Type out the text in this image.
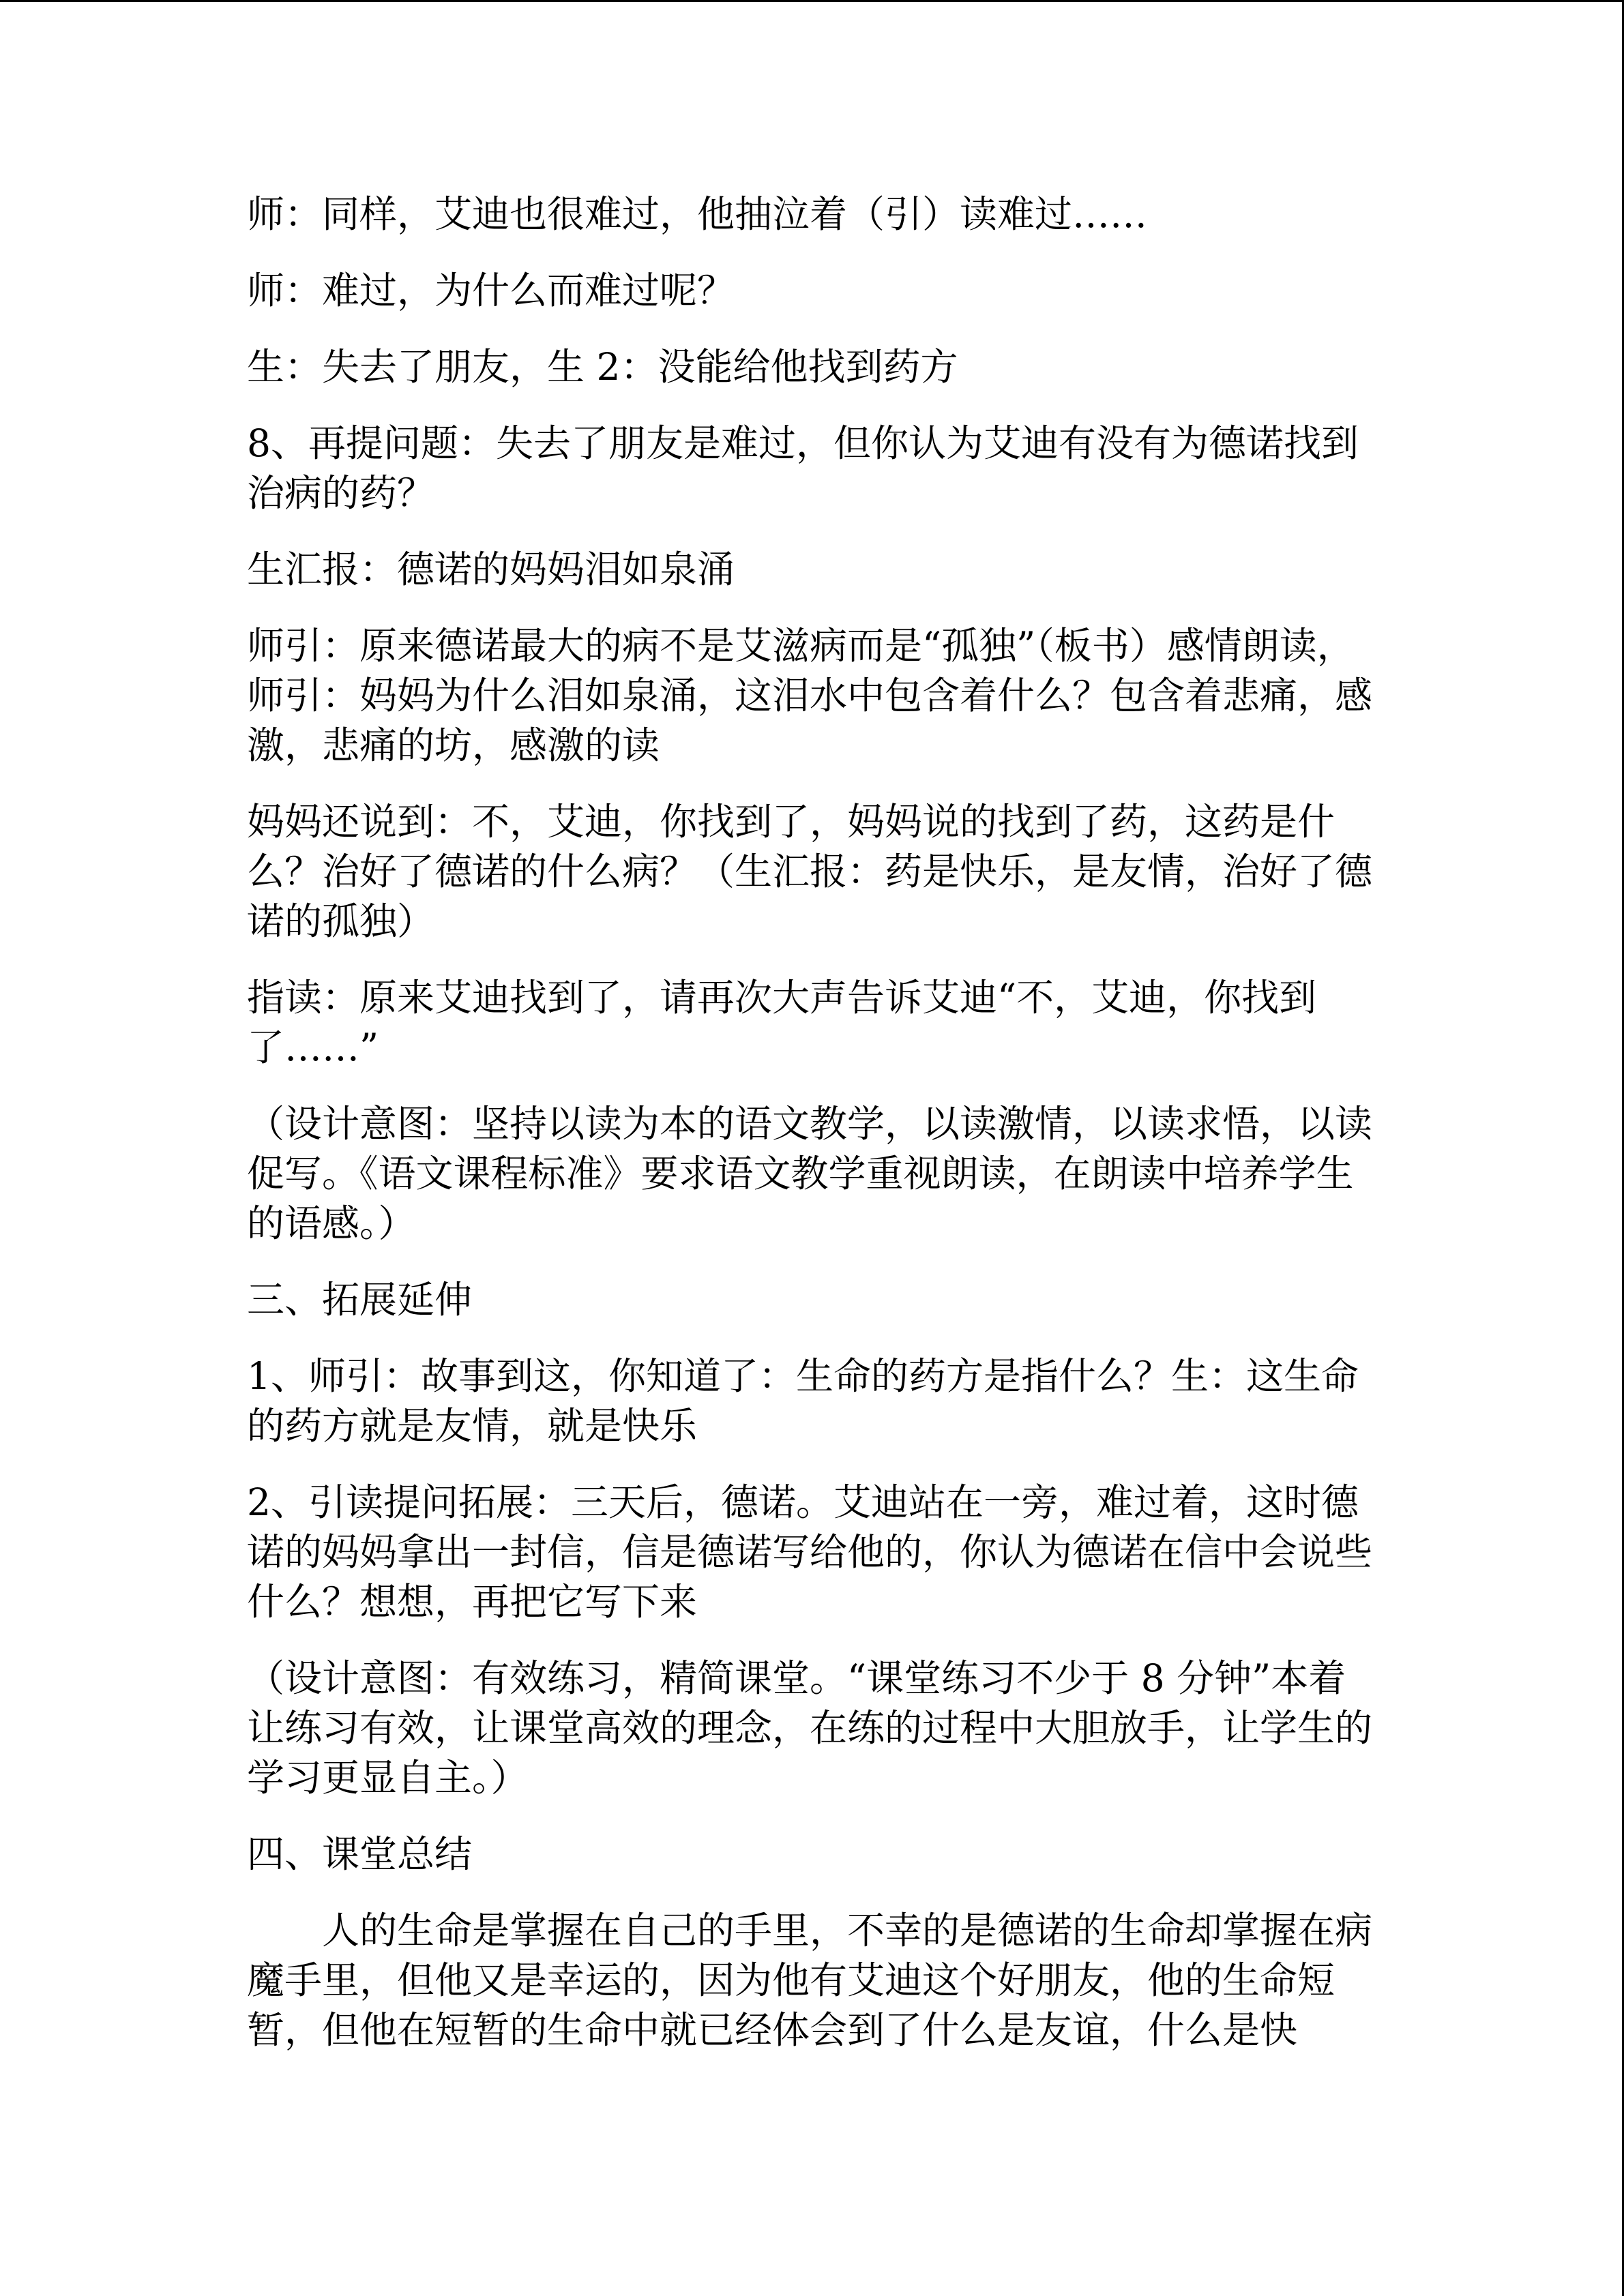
师：同样，艾迪也很难过，他抽泣着（引）读难过……

师：难过，为什么而难过呢？

生：失去了朋友，生 2：没能给他找到药方

8、再提问题：失去了朋友是难过，但你认为艾迪有没有为德诺找到治病的药？

生汇报：德诺的妈妈泪如泉涌

师引：原来德诺最大的病不是艾滋病而是“孤独”（板书）感情朗读，师引：妈妈为什么泪如泉涌，这泪水中包含着什么？包含着悲痛，感激，悲痛的坊，感激的读

妈妈还说到：不，艾迪，你找到了，妈妈说的找到了药，这药是什么？治好了德诺的什么病？（生汇报：药是快乐，是友情，治好了德诺的孤独）

指读：原来艾迪找到了，请再次大声告诉艾迪“不，艾迪，你找到了……”

（设计意图：坚持以读为本的语文教学，以读激情，以读求悟，以读促写。《语文课程标准》要求语文教学重视朗读，在朗读中培养学生的语感。）

三、拓展延伸

1、师引：故事到这，你知道了：生命的药方是指什么？生：这生命的药方就是友情，就是快乐

2、引读提问拓展：三天后，德诺。艾迪站在一旁，难过着，这时德诺的妈妈拿出一封信，信是德诺写给他的，你认为德诺在信中会说些什么？想想，再把它写下来

（设计意图：有效练习，精简课堂。“课堂练习不少于 8 分钟”本着让练习有效，让课堂高效的理念，在练的过程中大胆放手，让学生的学习更显自主。）

四、课堂总结

人的生命是掌握在自己的手里，不幸的是德诺的生命却掌握在病魔手里，但他又是幸运的，因为他有艾迪这个好朋友，他的生命短暂，但他在短暂的生命中就已经体会到了什么是友谊，什么是快
